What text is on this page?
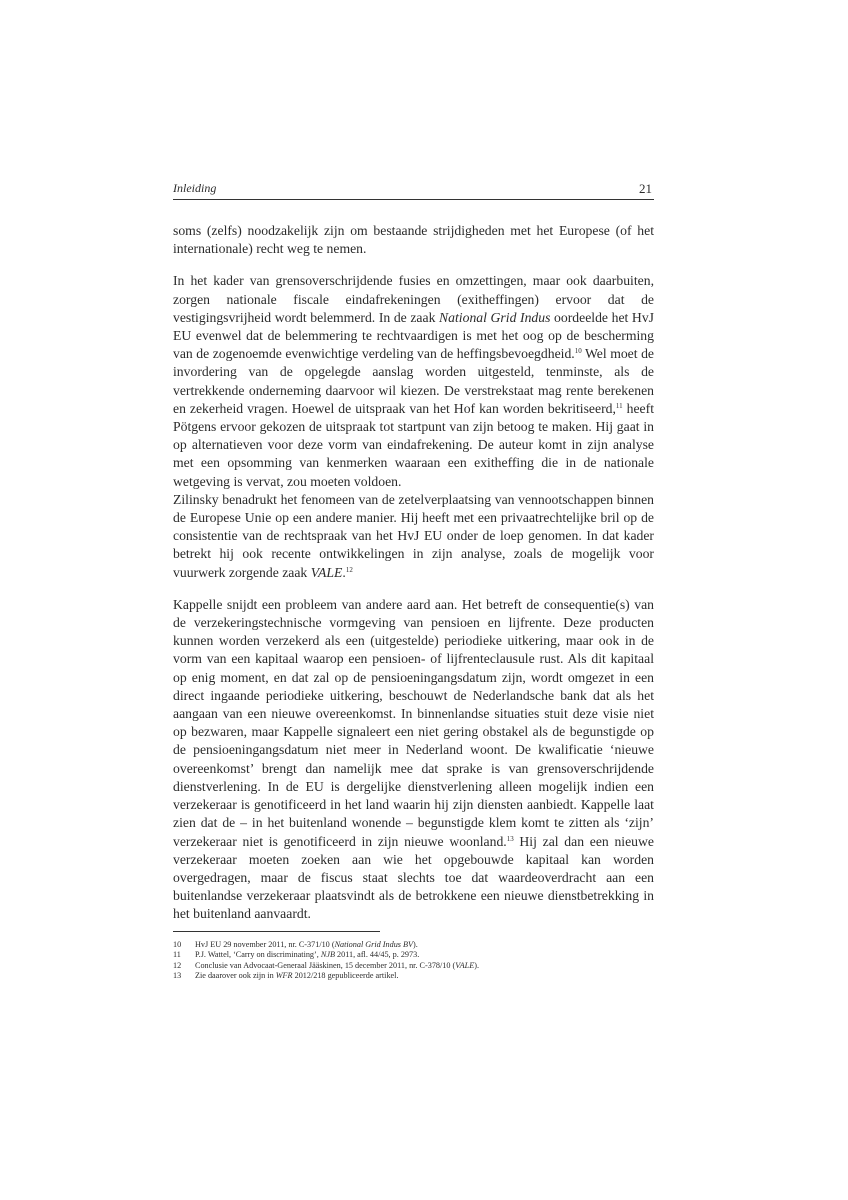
Inleiding	21

soms (zelfs) noodzakelijk zijn om bestaande strijdigheden met het Europese (of het internationale) recht weg te nemen.

In het kader van grensoverschrijdende fusies en omzettingen, maar ook daarbuiten, zorgen nationale fiscale eindafrekeningen (exitheffingen) ervoor dat de vestigingsvrijheid wordt belemmerd. In de zaak National Grid Indus oordeelde het HvJ EU evenwel dat de belemmering te rechtvaardigen is met het oog op de bescherming van de zogenoemde evenwichtige verdeling van de heffingsbevoegdheid.$^{10}$ Wel moet de invordering van de opgelegde aanslag worden uitgesteld, tenminste, als de vertrekkende onderneming daarvoor wil kiezen. De verstrekstaat mag rente berekenen en zekerheid vragen. Hoewel de uitspraak van het Hof kan worden bekritiseerd,$^{11}$ heeft Pötgens ervoor gekozen de uitspraak tot startpunt van zijn betoog te maken. Hij gaat in op alternatieven voor deze vorm van eindafrekening. De auteur komt in zijn analyse met een opsomming van kenmerken waaraan een exitheffing die in de nationale wetgeving is vervat, zou moeten voldoen.

Zilinsky benadrukt het fenomeen van de zetelverplaatsing van vennootschappen binnen de Europese Unie op een andere manier. Hij heeft met een privaatrechtelijke bril op de consistentie van de rechtspraak van het HvJ EU onder de loep genomen. In dat kader betrekt hij ook recente ontwikkelingen in zijn analyse, zoals de mogelijk voor vuurwerk zorgende zaak VALE.$^{12}$

Kappelle snijdt een probleem van andere aard aan. Het betreft de consequentie(s) van de verzekeringstechnische vormgeving van pensioen en lijfrente. Deze producten kunnen worden verzekerd als een (uitgestelde) periodieke uitkering, maar ook in de vorm van een kapitaal waarop een pensioen- of lijfrenteclausule rust. Als dit kapitaal op enig moment, en dat zal op de pensioeningangsdatum zijn, wordt omgezet in een direct ingaande periodieke uitkering, beschouwt de Nederlandsche bank dat als het aangaan van een nieuwe overeenkomst. In binnenlandse situaties stuit deze visie niet op bezwaren, maar Kappelle signaleert een niet gering obstakel als de begunstigde op de pensioeningangsdatum niet meer in Nederland woont. De kwalificatie ‘nieuwe overeenkomst’ brengt dan namelijk mee dat sprake is van grensoverschrijdende dienstverlening. In de EU is dergelijke dienstverlening alleen mogelijk indien een verzekeraar is genotificeerd in het land waarin hij zijn diensten aanbiedt. Kappelle laat zien dat de – in het buitenland wonende – begunstigde klem komt te zitten als ‘zijn’ verzekeraar niet is genotificeerd in zijn nieuwe woonland.$^{13}$ Hij zal dan een nieuwe verzekeraar moeten zoeken aan wie het opgebouwde kapitaal kan worden overgedragen, maar de fiscus staat slechts toe dat waardeoverdracht aan een buitenlandse verzekeraar plaatsvindt als de betrokkene een nieuwe dienstbetrekking in het buitenland aanvaardt.

10 HvJ EU 29 november 2011, nr. C-371/10 (National Grid Indus BV).
11 P.J. Wattel, ‘Carry on discriminating’, NJB 2011, afl. 44/45, p. 2973.
12 Conclusie van Advocaat-Generaal Jääskinen, 15 december 2011, nr. C-378/10 (VALE).
13 Zie daarover ook zijn in WFR 2012/218 gepubliceerde artikel.
